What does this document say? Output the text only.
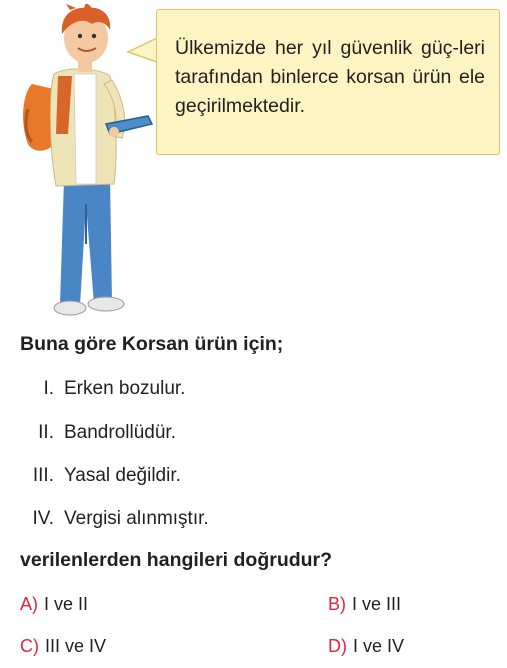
Ülkemizde her yıl güvenlik güç-leri tarafından binlerce korsan ürün ele geçirilmektedir.
Buna göre Korsan ürün için;
I. Erken bozulur.
II. Bandrollüdür.
III. Yasal değildir.
IV. Vergisi alınmıştır.
verilenlerden hangileri doğrudur?
A) I ve II	B) I ve III
C) III ve IV	D) I ve IV
